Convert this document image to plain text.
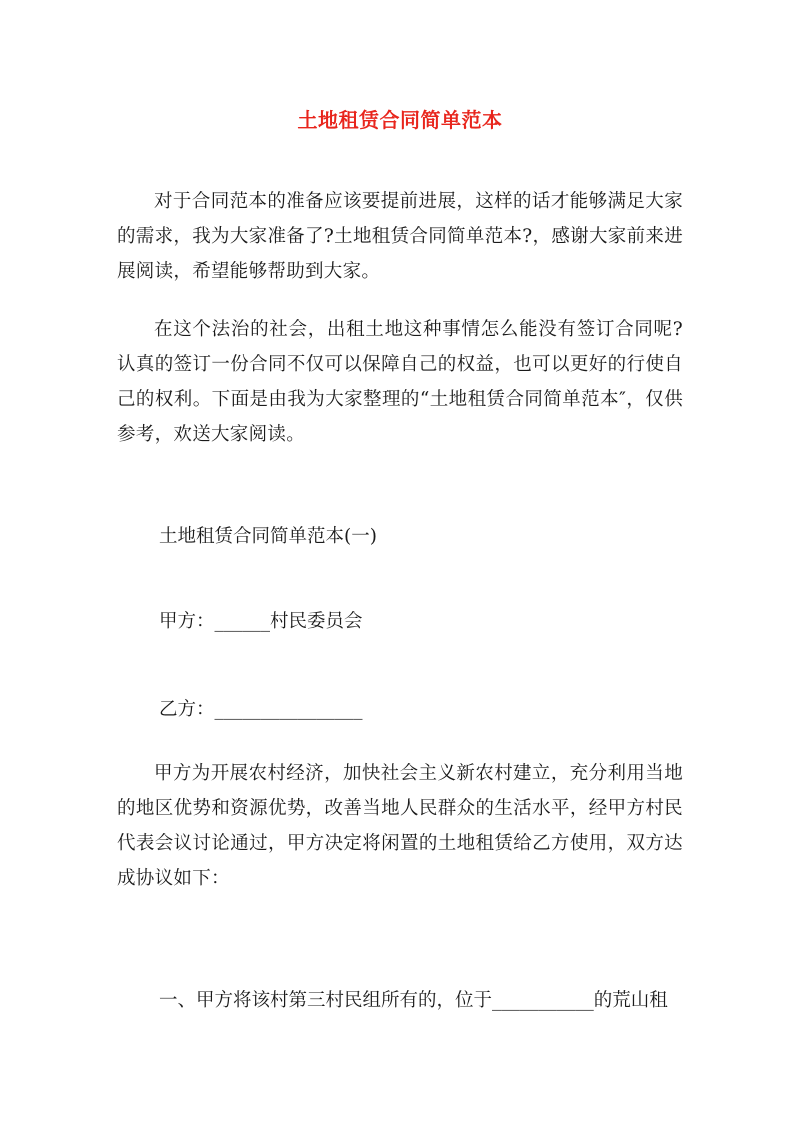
土地租赁合同简单范本

对于合同范本的准备应该要提前进展，这样的话才能够满足大家的需求，我为大家准备了?土地租赁合同简单范本?，感谢大家前来进展阅读，希望能够帮助到大家。

在这个法治的社会，出租土地这种事情怎么能没有签订合同呢?认真的签订一份合同不仅可以保障自己的权益，也可以更好的行使自己的权利。下面是由我为大家整理的“土地租赁合同简单范本″，仅供参考，欢送大家阅读。

土地租赁合同简单范本(一)

甲方：______村民委员会

乙方：________________

甲方为开展农村经济，加快社会主义新农村建立，充分利用当地的地区优势和资源优势，改善当地人民群众的生活水平，经甲方村民代表会议讨论通过，甲方决定将闲置的土地租赁给乙方使用，双方达成协议如下：

一、甲方将该村第三村民组所有的，位于___________的荒山租
